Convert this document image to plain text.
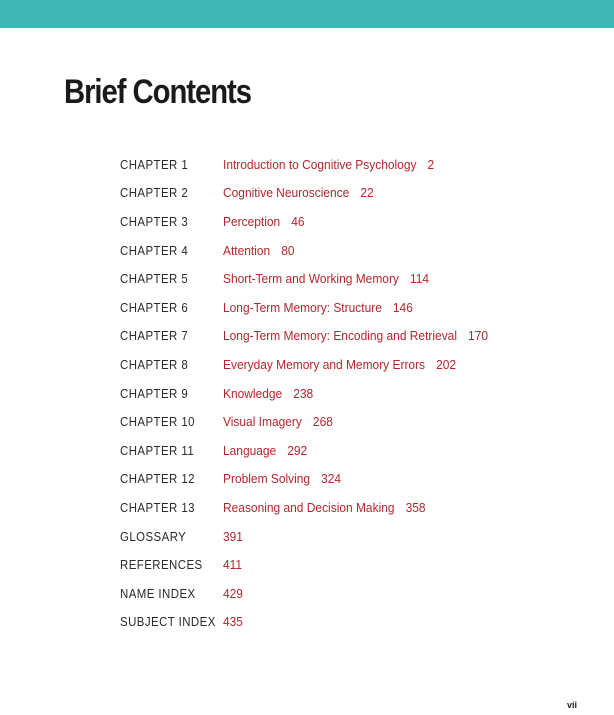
Brief Contents
CHAPTER 1	Introduction to Cognitive Psychology 2
CHAPTER 2	Cognitive Neuroscience 22
CHAPTER 3	Perception 46
CHAPTER 4	Attention 80
CHAPTER 5	Short-Term and Working Memory 114
CHAPTER 6	Long-Term Memory: Structure 146
CHAPTER 7	Long-Term Memory: Encoding and Retrieval 170
CHAPTER 8	Everyday Memory and Memory Errors 202
CHAPTER 9	Knowledge 238
CHAPTER 10	Visual Imagery 268
CHAPTER 11	Language 292
CHAPTER 12	Problem Solving 324
CHAPTER 13	Reasoning and Decision Making 358
GLOSSARY	391
REFERENCES	411
NAME INDEX	429
SUBJECT INDEX 435
vii
